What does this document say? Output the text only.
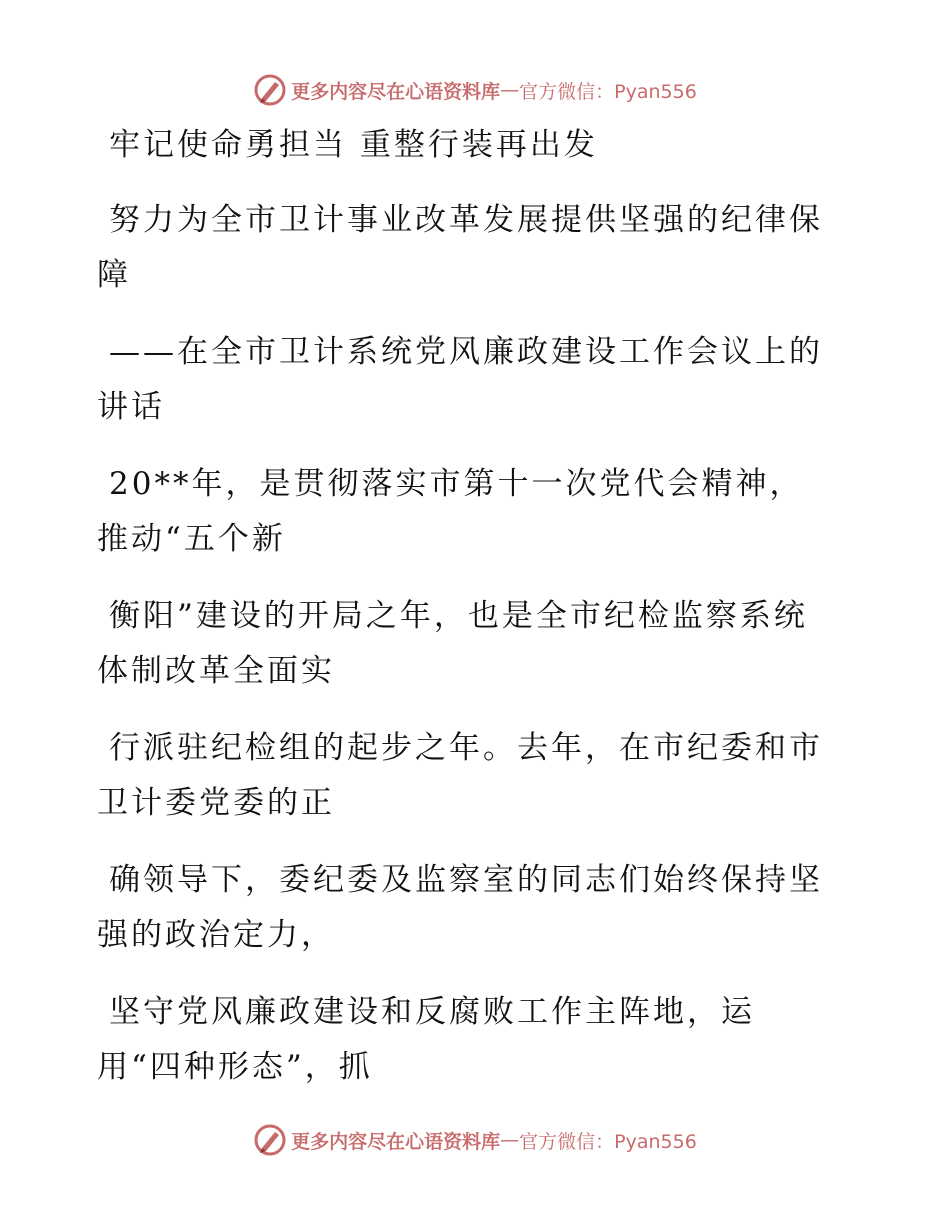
更多内容尽在心语资料库 — 官方微信：Pyan556

牢记使命勇担当 重整行装再出发

努力为全市卫计事业改革发展提供坚强的纪律保障

——在全市卫计系统党风廉政建设工作会议上的讲话

20**年，是贯彻落实市第十一次党代会精神，推动“五个新

衡阳”建设的开局之年，也是全市纪检监察系统体制改革全面实

行派驻纪检组的起步之年。去年，在市纪委和市卫计委党委的正

确领导下，委纪委及监察室的同志们始终保持坚强的政治定力，

坚守党风廉政建设和反腐败工作主阵地，运用“四种形态”，抓

更多内容尽在心语资料库 — 官方微信：Pyan556
